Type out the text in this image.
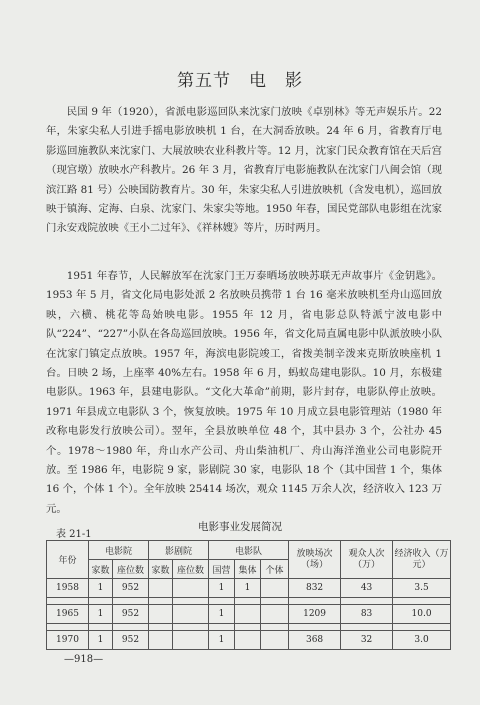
第五节　电　影

民国 9 年（1920），省派电影巡回队来沈家门放映《卓别林》等无声娱乐片。22 年，朱家尖私人引进手摇电影放映机 1 台，在大洞岙放映。24 年 6 月，省教育厅电影巡回施教队来沈家门、大展放映农业科教片等。12 月，沈家门民众教育馆在天后宫（现宫墩）放映水产科教片。26 年 3 月，省教育厅电影施教队在沈家门八闽会馆（现滨江路 81 号）公映国防教育片。30 年，朱家尖私人引进放映机（含发电机），巡回放映于镇海、定海、白泉、沈家门、朱家尖等地。1950 年春，国民党部队电影组在沈家门永安戏院放映《王小二过年》、《祥林嫂》等片，历时两月。

1951 年春节，人民解放军在沈家门王万泰晒场放映苏联无声故事片《金钥匙》。1953 年 5 月，省文化局电影处派 2 名放映员携带 1 台 16 毫米放映机至舟山巡回放映，六横、桃花等岛始映电影。1955 年 12 月，省电影总队特派宁波电影中队“224”、“227”小队在各岛巡回放映。1956 年，省文化局直属电影中队派放映小队在沈家门镇定点放映。1957 年，海滨电影院竣工，省拨美制辛泼来克斯放映座机 1 台。日映 2 场，上座率 40%左右。1958 年 6 月，蚂蚁岛建电影队。10 月，东极建电影队。1963 年，县建电影队。“文化大革命”前期，影片封存，电影队停止放映。1971 年县成立电影队 3 个，恢复放映。1975 年 10 月成立县电影管理站（1980 年改称电影发行放映公司）。翌年，全县放映单位 48 个，其中县办 3 个，公社办 45 个。1978～1980 年，舟山水产公司、舟山柴油机厂、舟山海洋渔业公司电影院开放。至 1986 年，电影院 9 家，影剧院 30 家，电影队 18 个（其中国营 1 个，集体 16 个，个体 1 个）。全年放映 25414 场次，观众 1145 万余人次，经济收入 123 万元。

表 21-1
电影事业发展简况
年份	电影院		影剧院		电影队			放映场次（场）	观众人次（万）	经济收入（万元）
	家数	座位数	家数	座位数	国营	集体	个体			
1958	1	952			1	1		832	43	3.5

1965	1	952			1			1209	83	10.0

1970	1	952			1			368	32	3.0
—918—
